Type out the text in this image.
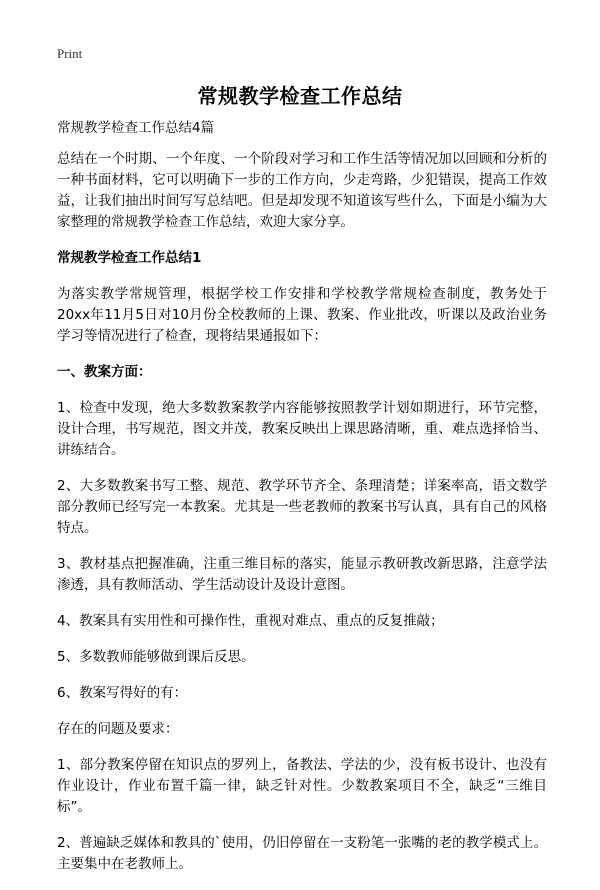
Print
常规教学检查工作总结

常规教学检查工作总结4篇

总结在一个时期、一个年度、一个阶段对学习和工作生活等情况加以回顾和分析的一种书面材料，它可以明确下一步的工作方向，少走弯路，少犯错误，提高工作效益，让我们抽出时间写写总结吧。但是却发现不知道该写些什么，下面是小编为大家整理的常规教学检查工作总结，欢迎大家分享。

常规教学检查工作总结1

为落实教学常规管理，根据学校工作安排和学校教学常规检查制度，教务处于20xx年11月5日对10月份全校教师的上课、教案、作业批改，听课以及政治业务学习等情况进行了检查，现将结果通报如下：

一、教案方面：

1、检查中发现，绝大多数教案教学内容能够按照教学计划如期进行，环节完整，设计合理，书写规范，图文并茂，教案反映出上课思路清晰，重、难点选择恰当、讲练结合。

2、大多数教案书写工整、规范、教学环节齐全、条理清楚；详案率高，语文数学部分教师已经写完一本教案。尤其是一些老教师的教案书写认真，具有自己的风格特点。

3、教材基点把握准确，注重三维目标的落实，能显示教研教改新思路，注意学法渗透，具有教师活动、学生活动设计及设计意图。

4、教案具有实用性和可操作性，重视对难点、重点的反复推敲；

5、多数教师能够做到课后反思。

6、教案写得好的有：

存在的问题及要求：

1、部分教案停留在知识点的罗列上，备教法、学法的少，没有板书设计、也没有作业设计，作业布置千篇一律，缺乏针对性。少数教案项目不全，缺乏“三维目标”。

2、普遍缺乏媒体和教具的`使用，仍旧停留在一支粉笔一张嘴的老的教学模式上。主要集中在老教师上。
